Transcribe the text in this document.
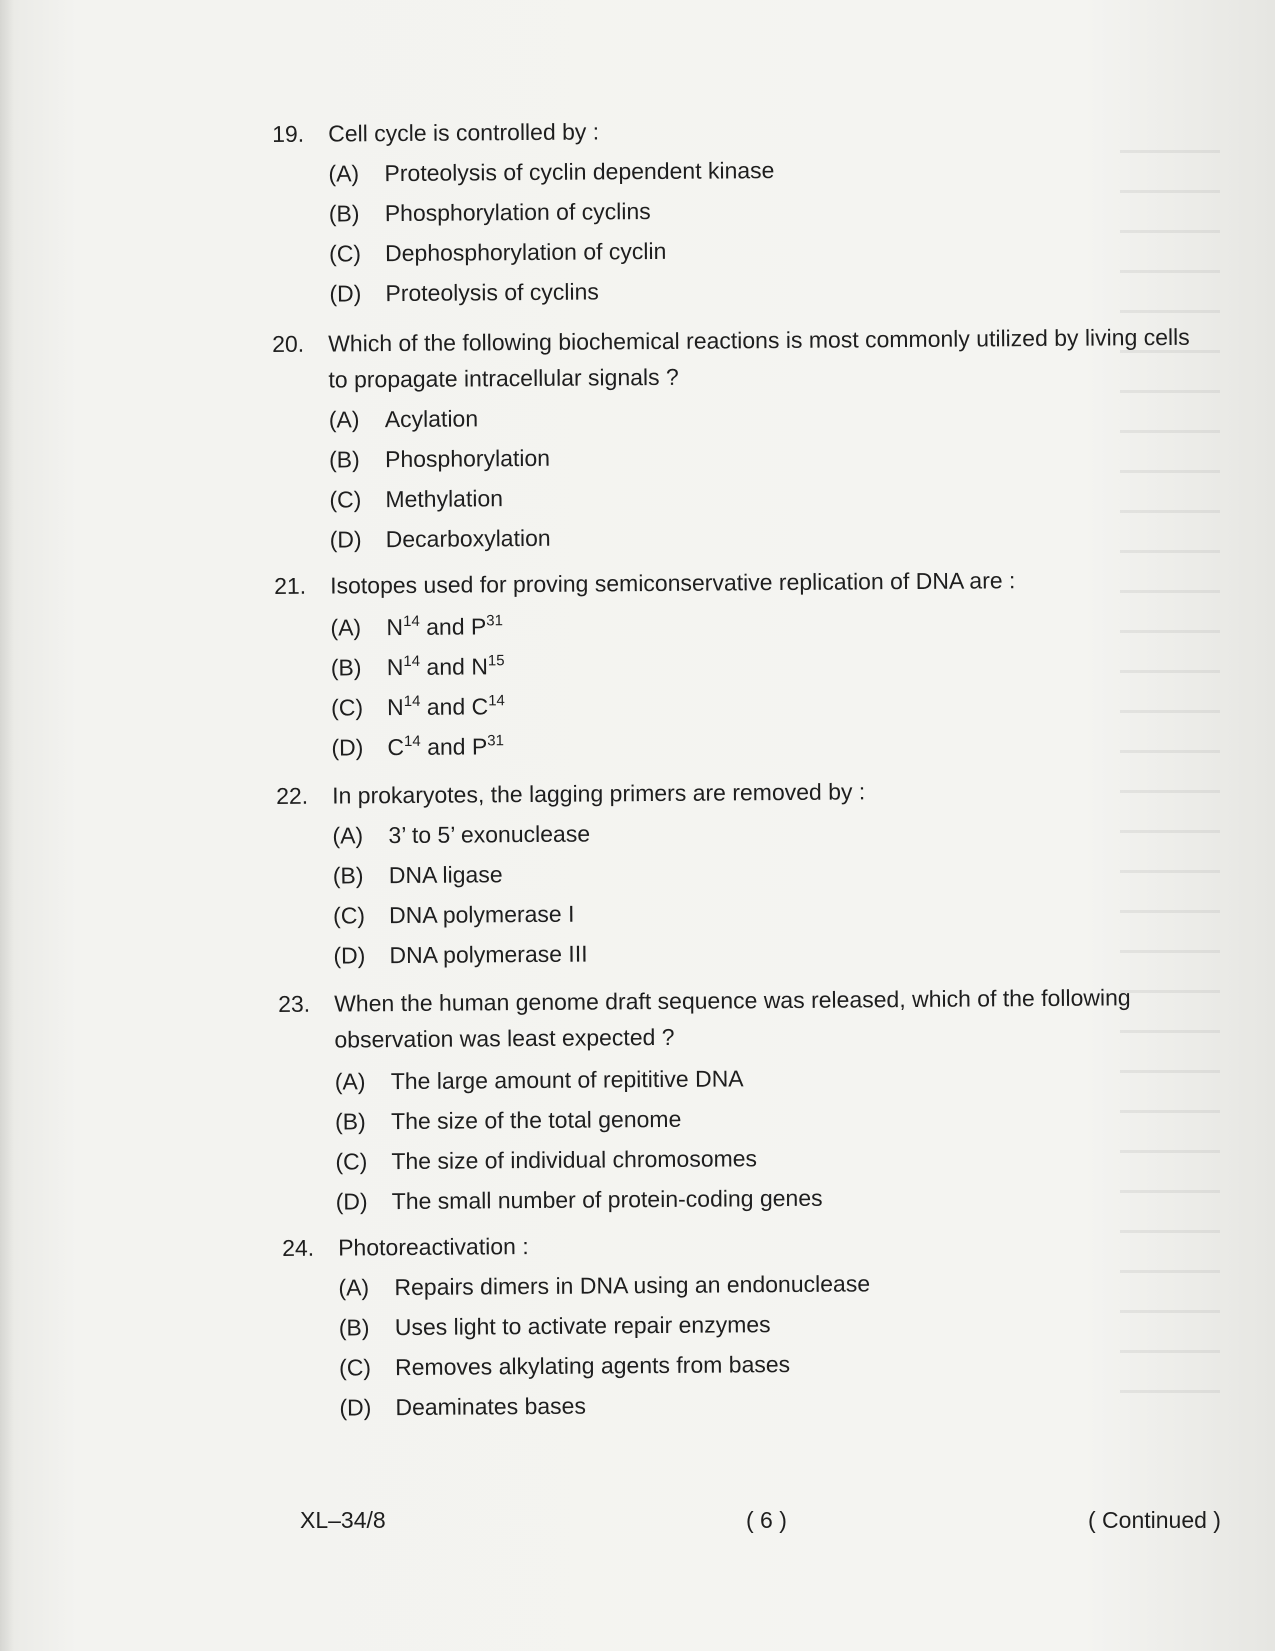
19.	Cell cycle is controlled by :
(A) Proteolysis of cyclin dependent kinase
(B) Phosphorylation of cyclins
(C) Dephosphorylation of cyclin
(D) Proteolysis of cyclins
20.	Which of the following biochemical reactions is most commonly utilized by living cells
to propagate intracellular signals ?
(A) Acylation
(B) Phosphorylation
(C) Methylation
(D) Decarboxylation
21.	Isotopes used for proving semiconservative replication of DNA are :
(A) $N^{14}$ and $P^{31}$
(B) $N^{14}$ and $N^{15}$
(C) $N^{14}$ and $C^{14}$
(D) $C^{14}$ and $P^{31}$
22.	In prokaryotes, the lagging primers are removed by :
(A) 3’ to 5’ exonuclease
(B) DNA ligase
(C) DNA polymerase I
(D) DNA polymerase III
23.	When the human genome draft sequence was released, which of the following
observation was least expected ?
(A) The large amount of repititive DNA
(B) The size of the total genome
(C) The size of individual chromosomes
(D) The small number of protein-coding genes
24.	Photoreactivation :
(A) Repairs dimers in DNA using an endonuclease
(B) Uses light to activate repair enzymes
(C) Removes alkylating agents from bases
(D) Deaminates bases
XL–34/8	( 6 )	( Continued )
